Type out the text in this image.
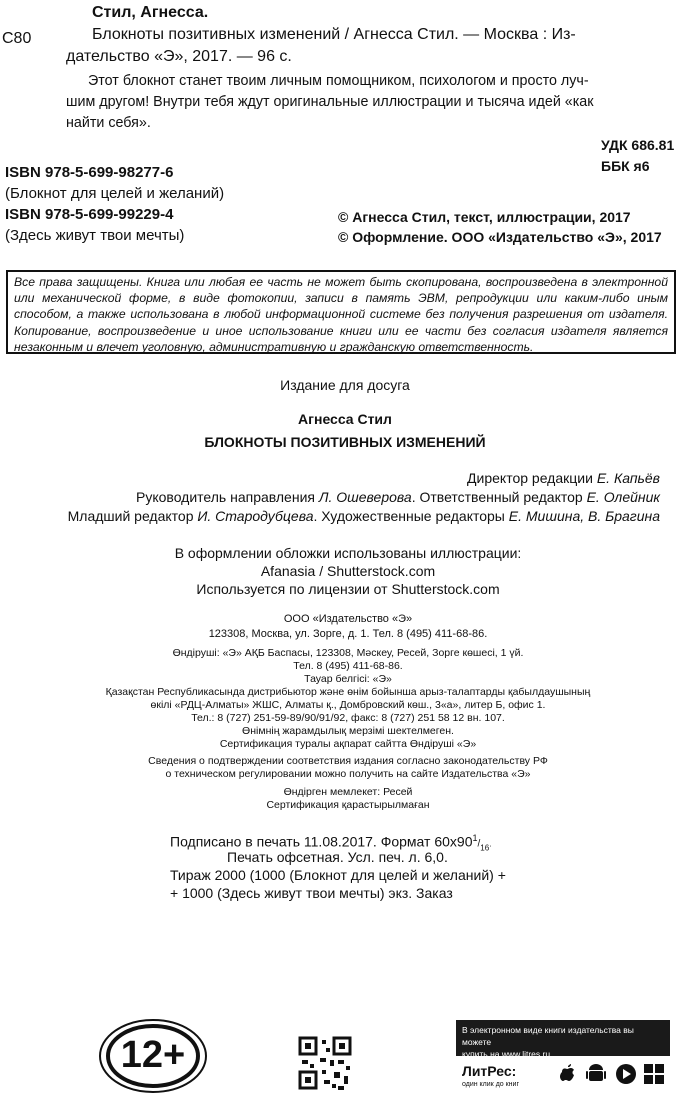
Стил, Агнесса.
С80	Блокноты позитивных изменений / Агнесса Стил. — Москва : Из-
дательство «Э», 2017. — 96 с.
Этот блокнот станет твоим личным помощником, психологом и просто луч-
шим другом! Внутри тебя ждут оригинальные иллюстрации и тысяча идей «как
найти себя».
УДК 686.81
ББК я6
ISBN 978-5-699-98277-6
(Блокнот для целей и желаний)
ISBN 978-5-699-99229-4
(Здесь живут твои мечты)
© Агнесса Стил, текст, иллюстрации, 2017
© Оформление. ООО «Издательство «Э», 2017
Все права защищены. Книга или любая ее часть не может быть скопирована, воспроизведена в электронной или механической форме, в виде фотокопии, записи в память ЭВМ, репродукции или каким-либо иным способом, а также использована в любой информационной системе без получения разрешения от издателя. Копирование, воспроизведение и иное использование книги или ее части без согласия издателя является незаконным и влечет уголовную, административную и гражданскую ответственность.
Издание для досуга
Агнесса Стил
БЛОКНОТЫ ПОЗИТИВНЫХ ИЗМЕНЕНИЙ
Директор редакции Е. Капьёв
Руководитель направления Л. Ошеверова. Ответственный редактор Е. Олейник
Младший редактор И. Стародубцева. Художественные редакторы Е. Мишина, В. Брагина
В оформлении обложки использованы иллюстрации:
Afanasia / Shutterstock.com
Используется по лицензии от Shutterstock.com
ООО «Издательство «Э»
123308, Москва, ул. Зорге, д. 1. Тел. 8 (495) 411-68-86.
Өндіруші: «Э» АҚБ Баспасы, 123308, Мәскеу, Ресей, Зорге көшесі, 1 үй.
Тел. 8 (495) 411-68-86.
Тауар белгісі: «Э»
Қазақстан Республикасында дистрибьютор және өнім бойынша арыз-талаптарды қабылдаушының
өкілі «РДЦ-Алматы» ЖШС, Алматы қ., Домбровский көш., 3«а», литер Б, офис 1.
Тел.: 8 (727) 251-59-89/90/91/92, факс: 8 (727) 251 58 12 вн. 107.
Өнімнің жарамдылық мерзімі шектелмеген.
Сертификация туралы ақпарат сайтта Өндіруші «Э»
Сведения о подтверждении соответствия издания согласно законодательству РФ
о техническом регулировании можно получить на сайте Издательства «Э»
Өндірген мемлекет: Ресей
Сертификация қарастырылмаған
Подписано в печать 11.08.2017. Формат $60x90^1/_{16}$.
Печать офсетная. Усл. печ. л. 6,0.
Тираж 2000 (1000 (Блокнот для целей и желаний) +
+ 1000 (Здесь живут твои мечты) экз. Заказ
12+
В электронном виде книги издательства вы можете
купить на www.litres.ru
ЛитРес:
один клик до книг
